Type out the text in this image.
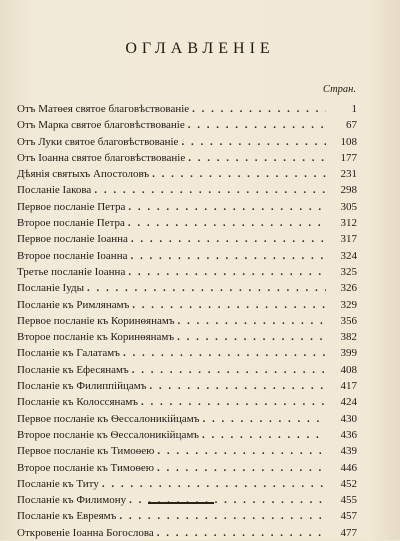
ОГЛАВЛЕНIЕ
Стран.
Отъ Матѳея святое благовѣствованiе . . .	1
Отъ Марка святое благовѣствованiе . . .	67
Отъ Луки святое благовѣствованiе . . .	108
Отъ Iоанна святое благовѣствованiе . . .	177
Дѣянiя святыхъ Апостоловъ . . .	231
Посланiе Iакова . . .	298
Первое посланiе Петра . . .	305
Второе посланiе Петра . . .	312
Первое посланiе Iоанна . . .	317
Второе посланiе Iоанна . . .	324
Третье посланiе Iоанна . . .	325
Посланiе Iуды . . .	326
Посланiе къ Римлянамъ . . .	329
Первое посланiе къ Коринѳянамъ . . .	356
Второе посланiе къ Коринѳянамъ . . .	382
Посланiе къ Галатамъ . . .	399
Посланiе къ Ефесянамъ . . .	408
Посланiе къ Филиппiйцамъ . . .	417
Посланiе къ Колоссянамъ . . .	424
Первое посланiе къ Ѳессалоникiйцамъ . . .	430
Второе посланiе къ Ѳессалоникiйцамъ . . .	436
Первое посланiе къ Тимоѳею . . .	439
Второе посланiе къ Тимоѳею . . .	446
Посланiе къ Титу . . .	452
Посланiе къ Филимону . . .	455
Посланiе къ Евреямъ . . .	457
Откровенiе Iоанна Богослова . . .	477
